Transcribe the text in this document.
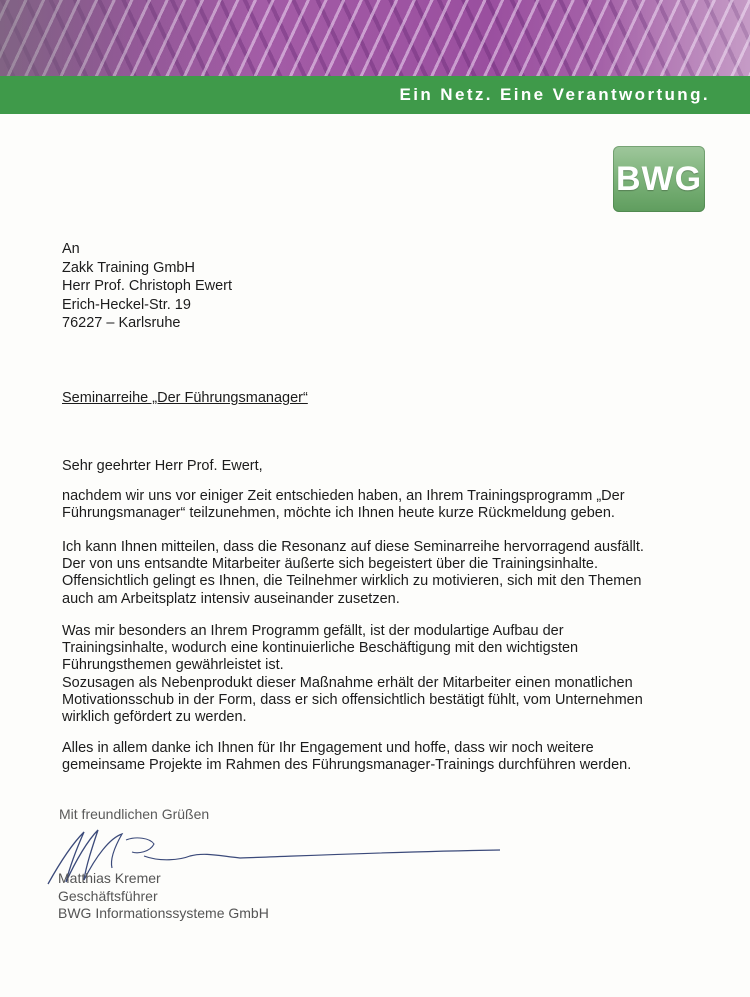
Ein Netz. Eine Verantwortung.
BWG
An
Zakk Training GmbH
Herr Prof. Christoph Ewert
Erich-Heckel-Str. 19
76227 – Karlsruhe
Seminarreihe „Der Führungsmanager“
Sehr geehrter Herr Prof. Ewert,
nachdem wir uns vor einiger Zeit entschieden haben, an Ihrem Trainingsprogramm „Der
Führungsmanager“ teilzunehmen, möchte ich Ihnen heute kurze Rückmeldung geben.
Ich kann Ihnen mitteilen, dass die Resonanz auf diese Seminarreihe hervorragend ausfällt.
Der von uns entsandte Mitarbeiter äußerte sich begeistert über die Trainingsinhalte.
Offensichtlich gelingt es Ihnen, die Teilnehmer wirklich zu motivieren, sich mit den Themen
auch am Arbeitsplatz intensiv auseinander zusetzen.
Was mir besonders an Ihrem Programm gefällt, ist der modulartige Aufbau der
Trainingsinhalte, wodurch eine kontinuierliche Beschäftigung mit den wichtigsten
Führungsthemen gewährleistet ist.
Sozusagen als Nebenprodukt dieser Maßnahme erhält der Mitarbeiter einen monatlichen
Motivationsschub in der Form, dass er sich offensichtlich bestätigt fühlt, vom Unternehmen
wirklich gefördert zu werden.
Alles in allem danke ich Ihnen für Ihr Engagement und hoffe, dass wir noch weitere
gemeinsame Projekte im Rahmen des Führungsmanager-Trainings durchführen werden.
Mit freundlichen Grüßen
Matthias Kremer
Geschäftsführer
BWG Informationssysteme GmbH
